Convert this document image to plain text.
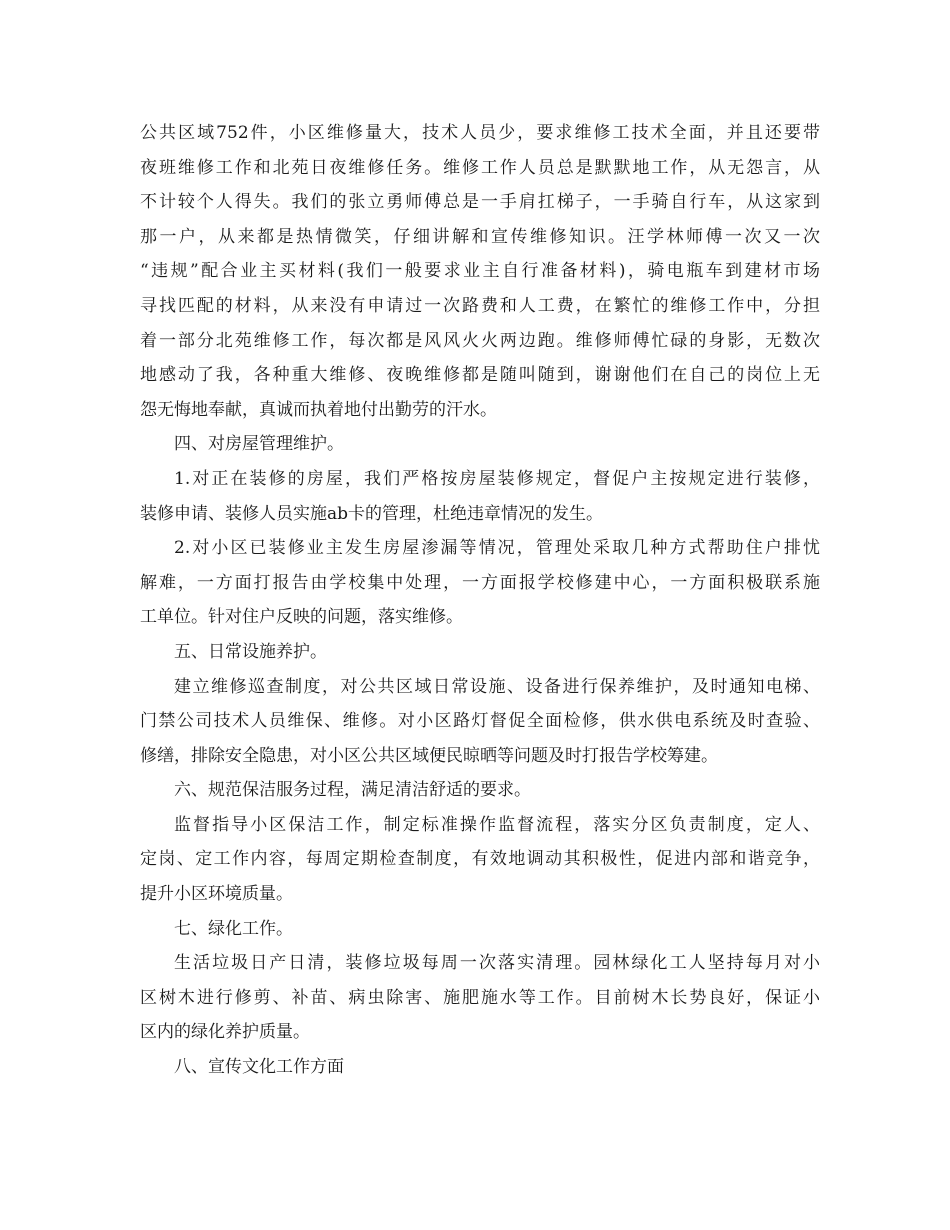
公共区域752件，小区维修量大，技术人员少，要求维修工技术全面，并且还要带
夜班维修工作和北苑日夜维修任务。维修工作人员总是默默地工作，从无怨言，从
不计较个人得失。我们的张立勇师傅总是一手肩扛梯子，一手骑自行车，从这家到
那一户，从来都是热情微笑，仔细讲解和宣传维修知识。汪学林师傅一次又一次
“违规”配合业主买材料(我们一般要求业主自行准备材料)，骑电瓶车到建材市场
寻找匹配的材料，从来没有申请过一次路费和人工费，在繁忙的维修工作中，分担
着一部分北苑维修工作，每次都是风风火火两边跑。维修师傅忙碌的身影，无数次
地感动了我，各种重大维修、夜晚维修都是随叫随到，谢谢他们在自己的岗位上无
怨无悔地奉献，真诚而执着地付出勤劳的汗水。
四、对房屋管理维护。
1.对正在装修的房屋，我们严格按房屋装修规定，督促户主按规定进行装修，
装修申请、装修人员实施ab卡的管理，杜绝违章情况的发生。
2.对小区已装修业主发生房屋渗漏等情况，管理处采取几种方式帮助住户排忧
解难，一方面打报告由学校集中处理，一方面报学校修建中心，一方面积极联系施
工单位。针对住户反映的问题，落实维修。
五、日常设施养护。
建立维修巡查制度，对公共区域日常设施、设备进行保养维护，及时通知电梯、
门禁公司技术人员维保、维修。对小区路灯督促全面检修，供水供电系统及时查验、
修缮，排除安全隐患，对小区公共区域便民晾晒等问题及时打报告学校筹建。
六、规范保洁服务过程，满足清洁舒适的要求。
监督指导小区保洁工作，制定标准操作监督流程，落实分区负责制度，定人、
定岗、定工作内容，每周定期检查制度，有效地调动其积极性，促进内部和谐竞争，
提升小区环境质量。
七、绿化工作。
生活垃圾日产日清，装修垃圾每周一次落实清理。园林绿化工人坚持每月对小
区树木进行修剪、补苗、病虫除害、施肥施水等工作。目前树木长势良好，保证小
区内的绿化养护质量。
八、宣传文化工作方面
